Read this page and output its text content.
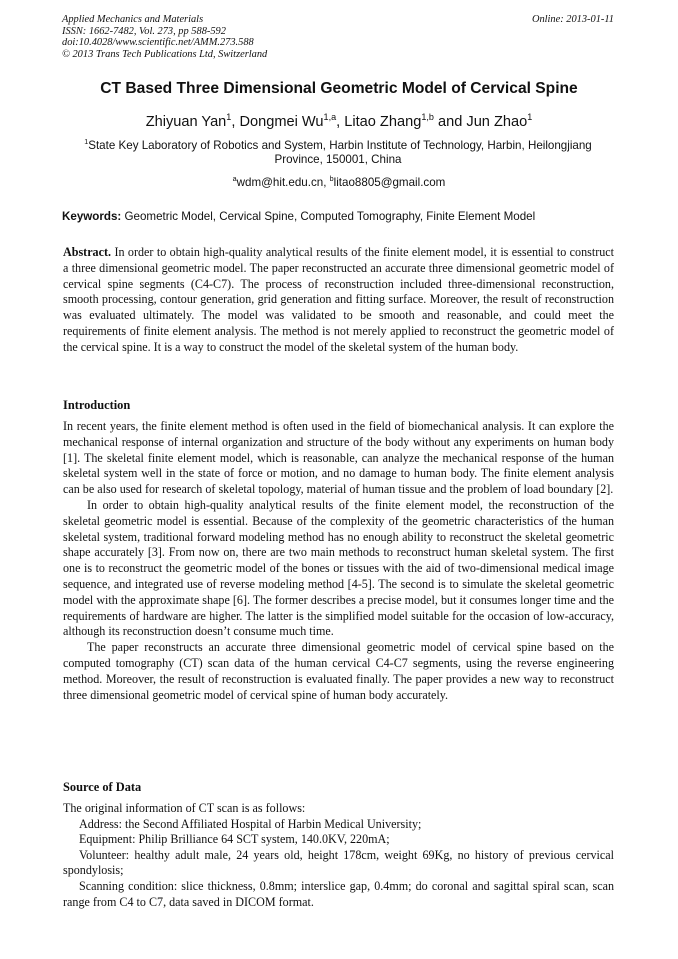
Applied Mechanics and Materials
ISSN: 1662-7482, Vol. 273, pp 588-592
doi:10.4028/www.scientific.net/AMM.273.588
© 2013 Trans Tech Publications Ltd, Switzerland
Online: 2013-01-11
CT Based Three Dimensional Geometric Model of Cervical Spine
Zhiyuan Yan$^1$, Dongmei Wu$^{1,a}$, Litao Zhang$^{1,b}$ and Jun Zhao$^1$
$^1$State Key Laboratory of Robotics and System, Harbin Institute of Technology, Harbin, Heilongjiang Province, 150001, China
$^a$wdm@hit.edu.cn, $^b$litao8805@gmail.com
Keywords: Geometric Model, Cervical Spine, Computed Tomography, Finite Element Model
Abstract. In order to obtain high-quality analytical results of the finite element model, it is essential to construct a three dimensional geometric model. The paper reconstructed an accurate three dimensional geometric model of cervical spine segments (C4-C7). The process of reconstruction included three-dimensional reconstruction, smooth processing, contour generation, grid generation and fitting surface. Moreover, the result of reconstruction was evaluated ultimately. The model was validated to be smooth and reasonable, and could meet the requirements of finite element analysis. The method is not merely applied to reconstruct the geometric model of the cervical spine. It is a way to construct the model of the skeletal system of the human body.
Introduction

In recent years, the finite element method is often used in the field of biomechanical analysis. It can explore the mechanical response of internal organization and structure of the body without any experiments on human body [1]. The skeletal finite element model, which is reasonable, can analyze the mechanical response of the human skeletal system well in the state of force or motion, and no damage to human body. The finite element analysis can be also used for research of skeletal topology, material of human tissue and the problem of load boundary [2].

In order to obtain high-quality analytical results of the finite element model, the reconstruction of the skeletal geometric model is essential. Because of the complexity of the geometric characteristics of the human skeletal system, traditional forward modeling method has no enough ability to reconstruct the skeletal geometric shape accurately [3]. From now on, there are two main methods to reconstruct human skeletal system. The first one is to reconstruct the geometric model of the bones or tissues with the aid of two-dimensional medical image sequence, and integrated use of reverse modeling method [4-5]. The second is to simulate the skeletal geometric model with the approximate shape [6]. The former describes a precise model, but it consumes longer time and the requirements of hardware are higher. The latter is the simplified model suitable for the occasion of low-accuracy, although its reconstruction doesn’t consume much time.

The paper reconstructs an accurate three dimensional geometric model of cervical spine based on the computed tomography (CT) scan data of the human cervical C4-C7 segments, using the reverse engineering method. Moreover, the result of reconstruction is evaluated finally. The paper provides a new way to reconstruct three dimensional geometric model of cervical spine of human body accurately.

Source of Data

The original information of CT scan is as follows:

Address: the Second Affiliated Hospital of Harbin Medical University;

Equipment: Philip Brilliance 64 SCT system, 140.0KV, 220mA;

Volunteer: healthy adult male, 24 years old, height 178cm, weight 69Kg, no history of previous cervical spondylosis;

Scanning condition: slice thickness, 0.8mm; interslice gap, 0.4mm; do coronal and sagittal spiral scan, scan range from C4 to C7, data saved in DICOM format.
